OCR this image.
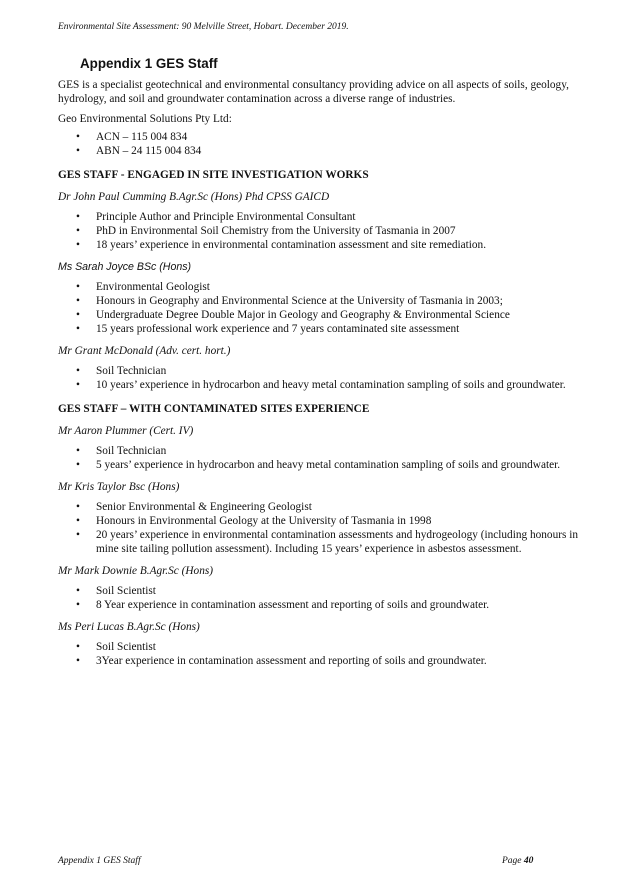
Environmental Site Assessment: 90 Melville Street, Hobart. December 2019.
Appendix 1 GES Staff

GES is a specialist geotechnical and environmental consultancy providing advice on all aspects of soils, geology, hydrology, and soil and groundwater contamination across a diverse range of industries.

Geo Environmental Solutions Pty Ltd:

• ACN – 115 004 834
• ABN – 24 115 004 834
GES STAFF - ENGAGED IN SITE INVESTIGATION WORKS
Dr John Paul Cumming B.Agr.Sc (Hons) Phd CPSS GAICD
• Principle Author and Principle Environmental Consultant
• PhD in Environmental Soil Chemistry from the University of Tasmania in 2007
• 18 years’ experience in environmental contamination assessment and site remediation.
Ms Sarah Joyce BSc (Hons)
• Environmental Geologist
• Honours in Geography and Environmental Science at the University of Tasmania in 2003;
• Undergraduate Degree Double Major in Geology and Geography & Environmental Science
• 15 years professional work experience and 7 years contaminated site assessment
Mr Grant McDonald (Adv. cert. hort.)
• Soil Technician
• 10 years’ experience in hydrocarbon and heavy metal contamination sampling of soils and groundwater.
GES STAFF – WITH CONTAMINATED SITES EXPERIENCE
Mr Aaron Plummer (Cert. IV)
• Soil Technician
• 5 years’ experience in hydrocarbon and heavy metal contamination sampling of soils and groundwater.
Mr Kris Taylor Bsc (Hons)
• Senior Environmental & Engineering Geologist
• Honours in Environmental Geology at the University of Tasmania in 1998
• 20 years’ experience in environmental contamination assessments and hydrogeology (including honours in mine site tailing pollution assessment). Including 15 years’ experience in asbestos assessment.
Mr Mark Downie B.Agr.Sc (Hons)
• Soil Scientist
• 8 Year experience in contamination assessment and reporting of soils and groundwater.
Ms Peri Lucas B.Agr.Sc (Hons)
• Soil Scientist
• 3Year experience in contamination assessment and reporting of soils and groundwater.
Appendix 1 GES Staff	Page 40
